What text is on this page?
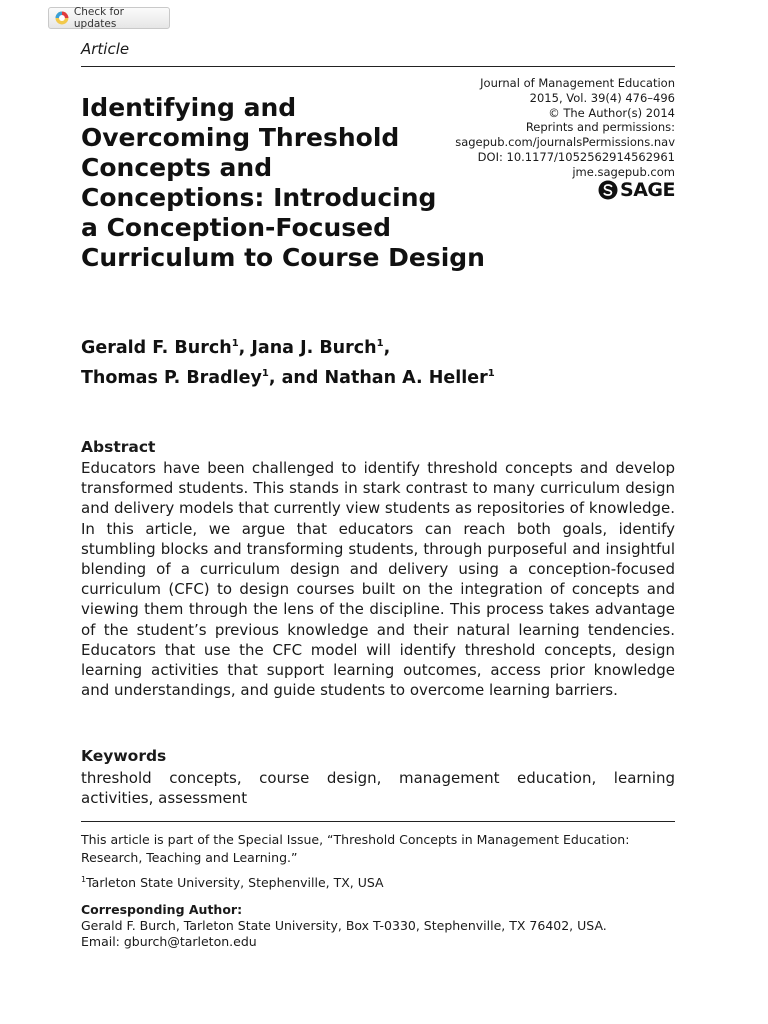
Check for updates
Article
Identifying and
Overcoming Threshold
Concepts and
Conceptions: Introducing
a Conception-Focused
Curriculum to Course Design
Journal of Management Education
2015, Vol. 39(4) 476–496
© The Author(s) 2014
Reprints and permissions:
sagepub.com/journalsPermissions.nav
DOI: 10.1177/1052562914562961
jme.sagepub.com
SAGE
Gerald F. Burch$^1$, Jana J. Burch$^1$,
Thomas P. Bradley$^1$, and Nathan A. Heller$^1$
Abstract

Educators have been challenged to identify threshold concepts and develop transformed students. This stands in stark contrast to many curriculum design and delivery models that currently view students as repositories of knowledge. In this article, we argue that educators can reach both goals, identify stumbling blocks and transforming students, through purposeful and insightful blending of a curriculum design and delivery using a conception-focused curriculum (CFC) to design courses built on the integration of concepts and viewing them through the lens of the discipline. This process takes advantage of the student’s previous knowledge and their natural learning tendencies. Educators that use the CFC model will identify threshold concepts, design learning activities that support learning outcomes, access prior knowledge and understandings, and guide students to overcome learning barriers.

Keywords

threshold concepts, course design, management education, learning activities, assessment

This article is part of the Special Issue, “Threshold Concepts in Management Education: Research, Teaching and Learning.”

$^1$Tarleton State University, Stephenville, TX, USA
Corresponding Author:
Gerald F. Burch, Tarleton State University, Box T-0330, Stephenville, TX 76402, USA.
Email: gburch@tarleton.edu
